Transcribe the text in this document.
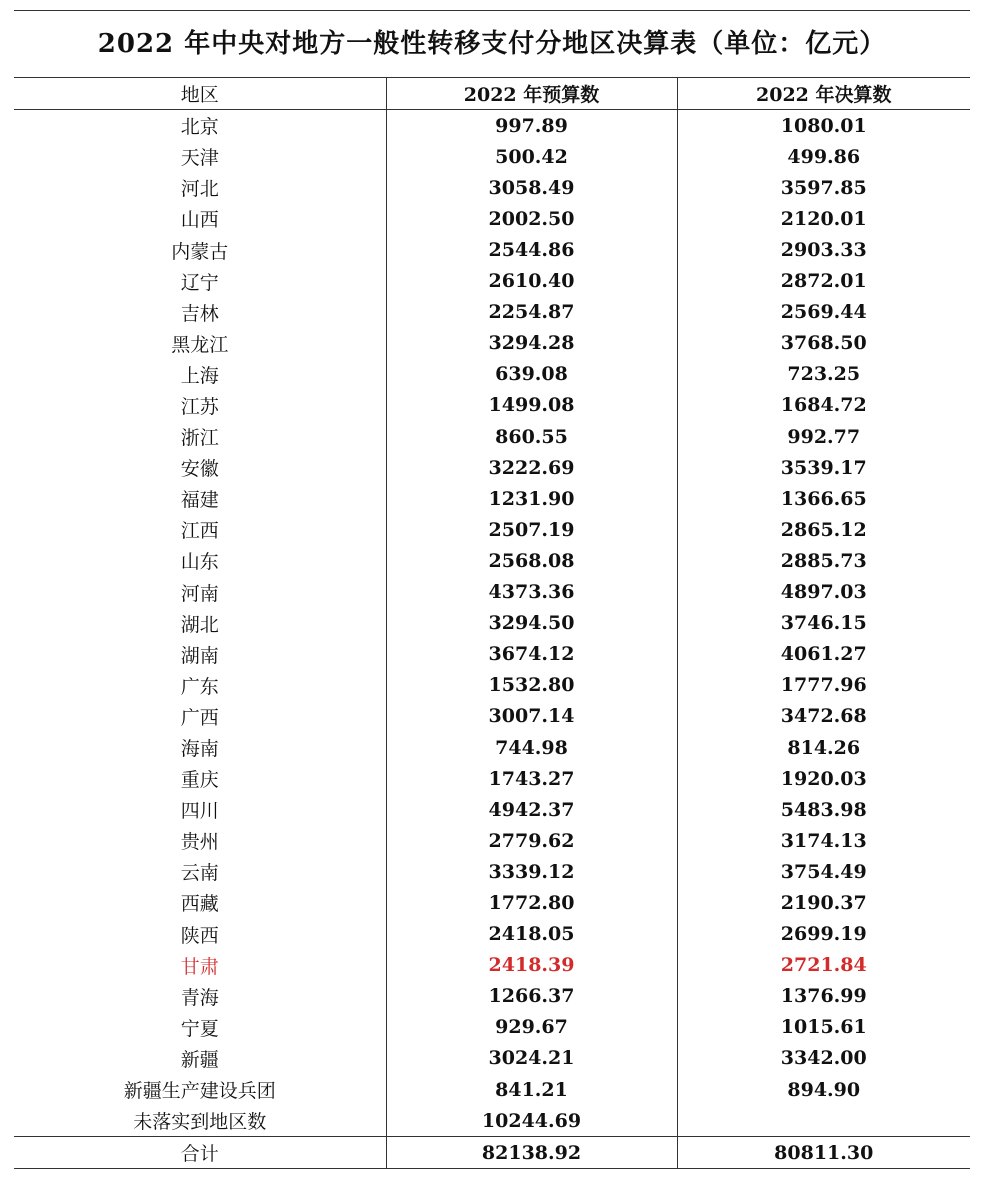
2022 年中央对地方一般性转移支付分地区决算表（单位：亿元）
地区	2022 年预算数	2022 年决算数
北京	997.89	1080.01
天津	500.42	499.86
河北	3058.49	3597.85
山西	2002.50	2120.01
内蒙古	2544.86	2903.33
辽宁	2610.40	2872.01
吉林	2254.87	2569.44
黑龙江	3294.28	3768.50
上海	639.08	723.25
江苏	1499.08	1684.72
浙江	860.55	992.77
安徽	3222.69	3539.17
福建	1231.90	1366.65
江西	2507.19	2865.12
山东	2568.08	2885.73
河南	4373.36	4897.03
湖北	3294.50	3746.15
湖南	3674.12	4061.27
广东	1532.80	1777.96
广西	3007.14	3472.68
海南	744.98	814.26
重庆	1743.27	1920.03
四川	4942.37	5483.98
贵州	2779.62	3174.13
云南	3339.12	3754.49
西藏	1772.80	2190.37
陕西	2418.05	2699.19
甘肃	2418.39	2721.84
青海	1266.37	1376.99
宁夏	929.67	1015.61
新疆	3024.21	3342.00
新疆生产建设兵团	841.21	894.90
未落实到地区数	10244.69	
合计	82138.92	80811.30
